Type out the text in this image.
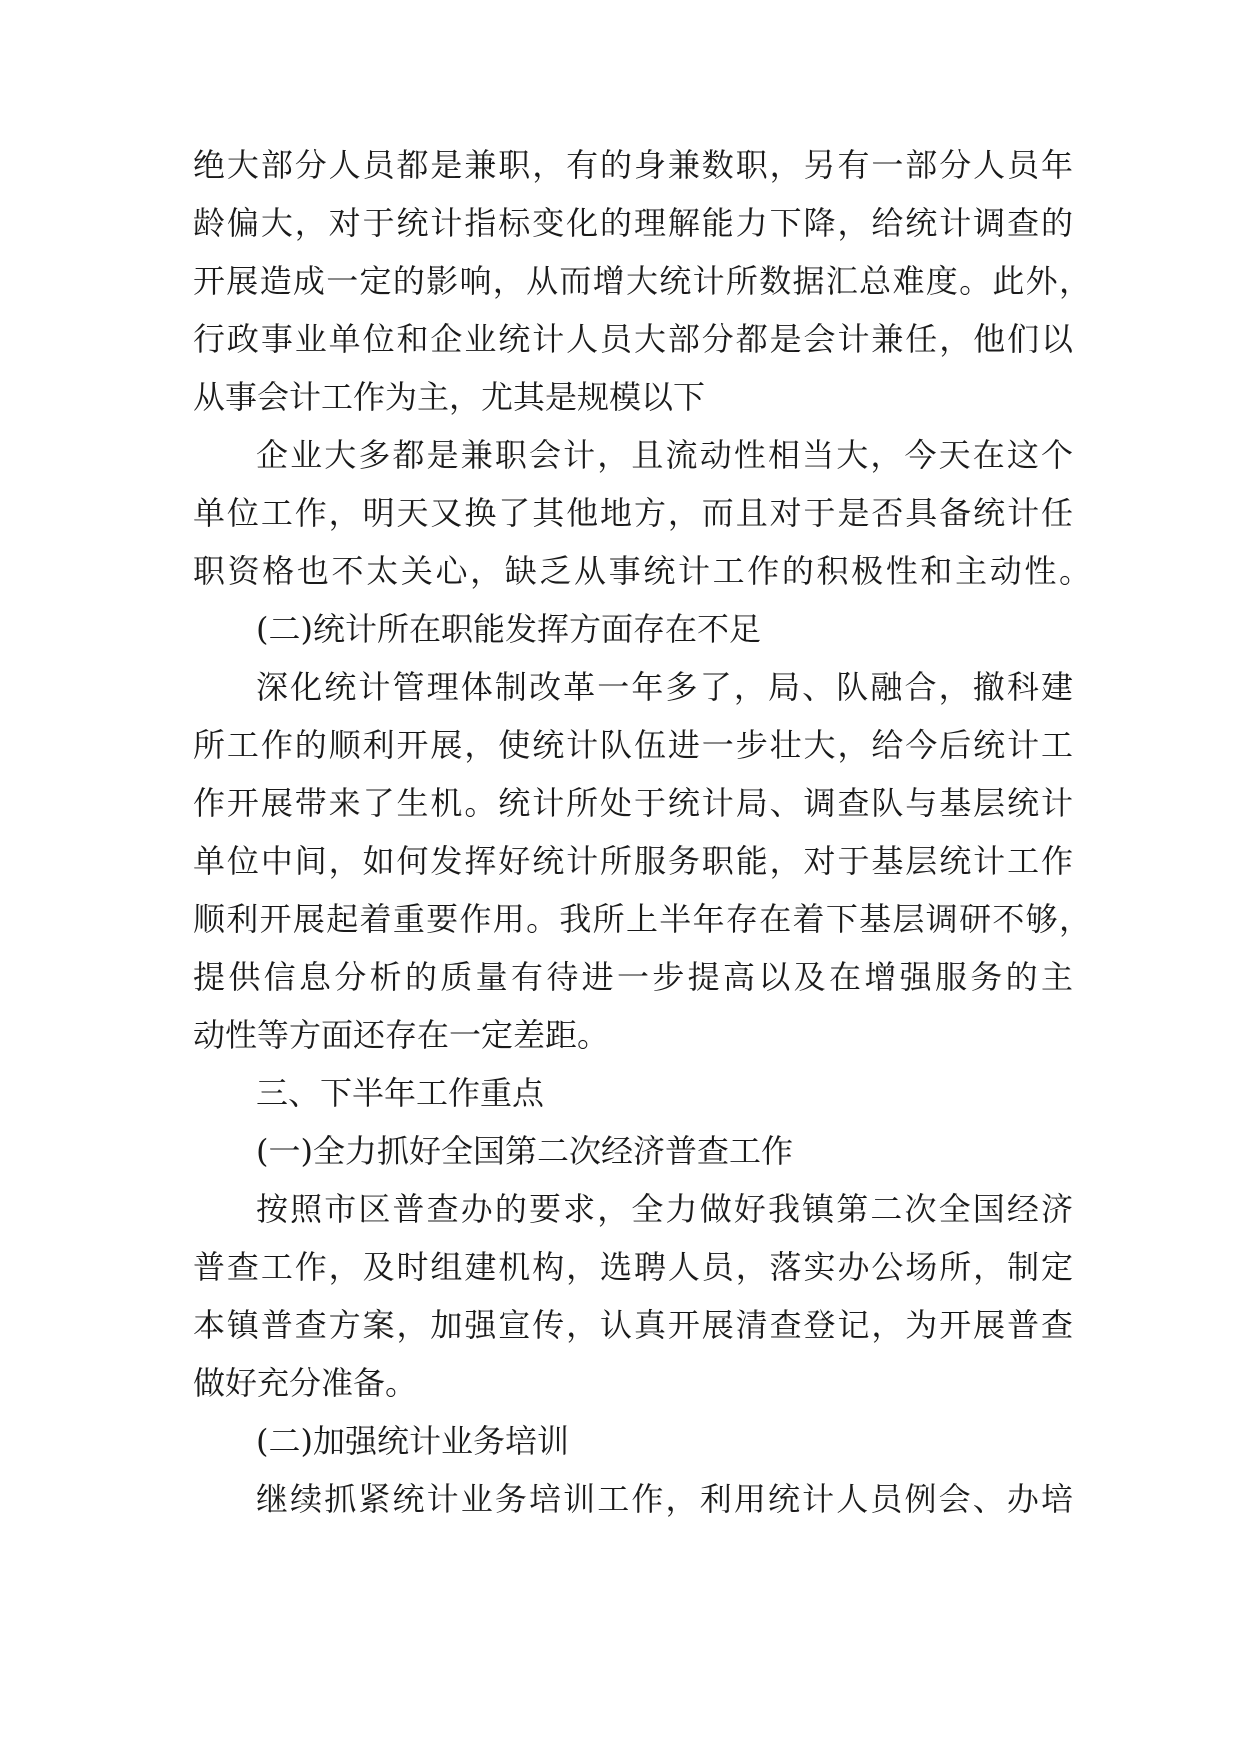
绝大部分人员都是兼职，有的身兼数职，另有一部分人员年

龄偏大，对于统计指标变化的理解能力下降，给统计调查的

开展造成一定的影响，从而增大统计所数据汇总难度。此外，

行政事业单位和企业统计人员大部分都是会计兼任，他们以

从事会计工作为主，尤其是规模以下

企业大多都是兼职会计，且流动性相当大，今天在这个

单位工作，明天又换了其他地方，而且对于是否具备统计任

职资格也不太关心，缺乏从事统计工作的积极性和主动性。

(二)统计所在职能发挥方面存在不足

深化统计管理体制改革一年多了，局、队融合，撤科建

所工作的顺利开展，使统计队伍进一步壮大，给今后统计工

作开展带来了生机。统计所处于统计局、调查队与基层统计

单位中间，如何发挥好统计所服务职能，对于基层统计工作

顺利开展起着重要作用。我所上半年存在着下基层调研不够，

提供信息分析的质量有待进一步提高以及在增强服务的主

动性等方面还存在一定差距。

三、下半年工作重点

(一)全力抓好全国第二次经济普查工作

按照市区普查办的要求，全力做好我镇第二次全国经济

普查工作，及时组建机构，选聘人员，落实办公场所，制定

本镇普查方案，加强宣传，认真开展清查登记，为开展普查

做好充分准备。

(二)加强统计业务培训

继续抓紧统计业务培训工作，利用统计人员例会、办培
